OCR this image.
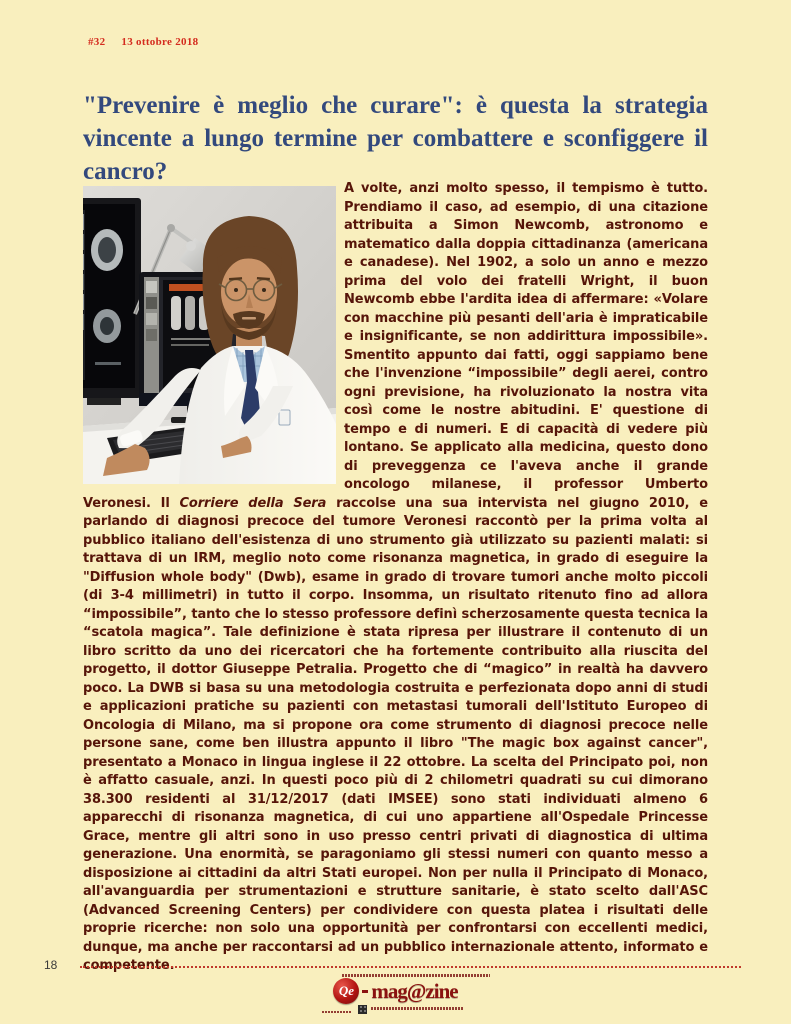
#32 13 ottobre 2018
"Prevenire è meglio che curare": è questa la strategia vincente a lungo termine per combattere e sconfiggere il cancro?

A volte, anzi molto spesso, il tempismo è tutto. Prendiamo il caso, ad esempio, di una citazione attribuita a Simon Newcomb, astronomo e matematico dalla doppia cittadinanza (americana e canadese). Nel 1902, a solo un anno e mezzo prima del volo dei fratelli Wright, il buon Newcomb ebbe l'ardita idea di affermare: «Volare con macchine più pesanti dell'aria è impraticabile e insignificante, se non addirittura impossibile». Smentito appunto dai fatti, oggi sappiamo bene che l'invenzione “impossibile” degli aerei, contro ogni previsione, ha rivoluzionato la nostra vita così come le nostre abitudini. E' questione di tempo e di numeri. E di capacità di vedere più lontano. Se applicato alla medicina, questo dono di preveggenza ce l'aveva anche il grande oncologo milanese, il professor Umberto Veronesi. Il Corriere della Sera raccolse una sua intervista nel giugno 2010, e parlando di diagnosi precoce del tumore Veronesi raccontò per la prima volta al pubblico italiano dell'esistenza di uno strumento già utilizzato su pazienti malati: si trattava di un IRM, meglio noto come risonanza magnetica, in grado di eseguire la "Diffusion whole body" (Dwb), esame in grado di trovare tumori anche molto piccoli (di 3-4 millimetri) in tutto il corpo. Insomma, un risultato ritenuto fino ad allora “impossibile”, tanto che lo stesso professore definì scherzosamente questa tecnica la “scatola magica”. Tale definizione è stata ripresa per illustrare il contenuto di un libro scritto da uno dei ricercatori che ha fortemente contribuito alla riuscita del progetto, il dottor Giuseppe Petralia. Progetto che di “magico” in realtà ha davvero poco. La DWB si basa su una metodologia costruita e perfezionata dopo anni di studi e applicazioni pratiche su pazienti con metastasi tumorali dell'Istituto Europeo di Oncologia di Milano, ma si propone ora come strumento di diagnosi precoce nelle persone sane, come ben illustra appunto il libro "The magic box against cancer", presentato a Monaco in lingua inglese il 22 ottobre. La scelta del Principato poi, non è affatto casuale, anzi. In questi poco più di 2 chilometri quadrati su cui dimorano 38.300 residenti al 31/12/2017 (dati IMSEE) sono stati individuati almeno 6 apparecchi di risonanza magnetica, di cui uno appartiene all'Ospedale Princesse Grace, mentre gli altri sono in uso presso centri privati di diagnostica di ultima generazione. Una enormità, se paragoniamo gli stessi numeri con quanto messo a disposizione ai cittadini da altri Stati europei. Non per nulla il Principato di Monaco, all'avanguardia per strumentazioni e strutture sanitarie, è stato scelto dall'ASC (Advanced Screening Centers) per condividere con questa platea i risultati delle proprie ricerche: non solo una opportunità per confrontarsi con eccellenti medici, dunque, ma anche per raccontarsi ad un pubblico internazionale attento, informato e competente.

18
Qe mag@zine
